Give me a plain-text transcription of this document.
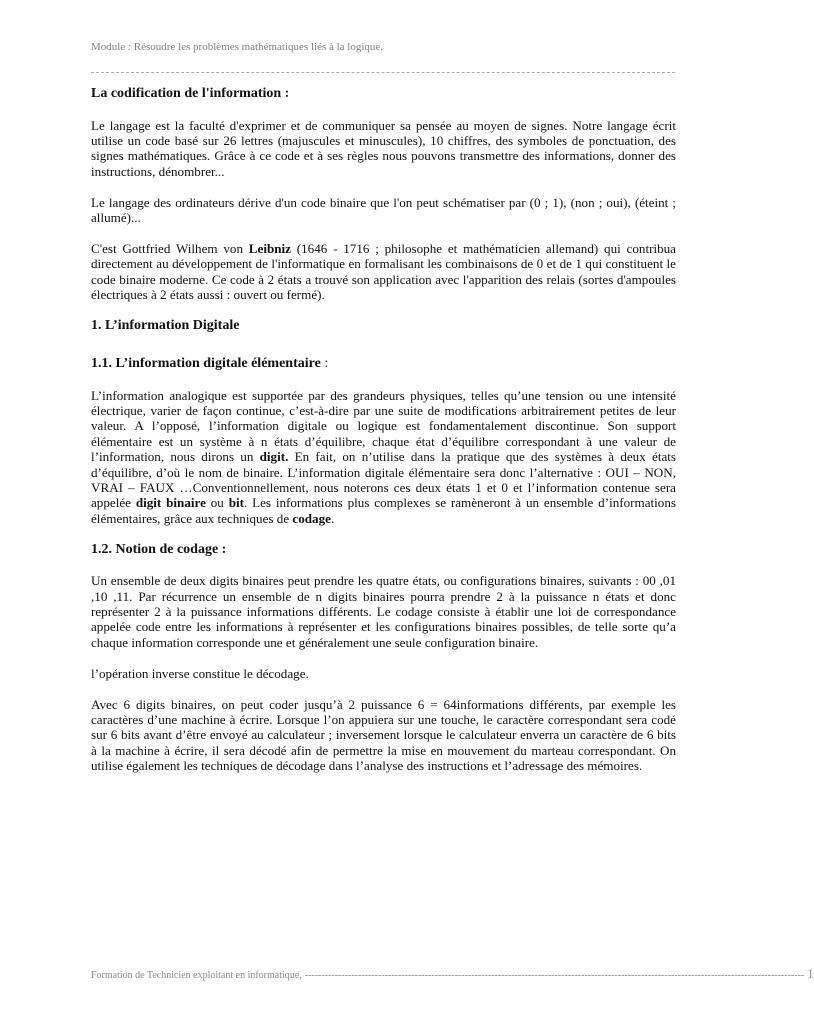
Module : Résoudre les problèmes mathématiques liés à la logique.
La codification de l'information :

Le langage est la faculté d'exprimer et de communiquer sa pensée au moyen de signes. Notre langage écrit utilise un code basé sur 26 lettres (majuscules et minuscules), 10 chiffres, des symboles de ponctuation, des signes mathématiques. Grâce à ce code et à ses règles nous pouvons transmettre des informations, donner des instructions, dénombrer...

Le langage des ordinateurs dérive d'un code binaire que l'on peut schématiser par (0 ; 1), (non ; oui), (éteint ; allumé)...

C'est Gottfried Wilhem von Leibniz (1646 - 1716 ; philosophe et mathématicien allemand) qui contribua directement au développement de l'informatique en formalisant les combinaisons de 0 et de 1 qui constituent le code binaire moderne. Ce code à 2 états a trouvé son application avec l'apparition des relais (sortes d'ampoules électriques à 2 états aussi : ouvert ou fermé).

1. L’information Digitale
1.1. L’information digitale élémentaire :

L’information analogique est supportée par des grandeurs physiques, telles qu’une tension ou une intensité électrique, varier de façon continue, c’est-à-dire par une suite de modifications arbitrairement petites de leur valeur. A l’opposé, l’information digitale ou logique est fondamentalement discontinue. Son support élémentaire est un système à n états d’équilibre, chaque état d’équilibre correspondant à une valeur de l’information, nous dirons un digit. En fait, on n’utilise dans la pratique que des systèmes à deux états d’équilibre, d’où le nom de binaire. L’information digitale élémentaire sera donc l’alternative : OUI – NON, VRAI – FAUX …Conventionnellement, nous noterons ces deux états 1 et 0 et l’information contenue sera appelée digit binaire ou bit. Les informations plus complexes se ramèneront à un ensemble d’informations élémentaires, grâce aux techniques de codage.

1.2. Notion de codage :

Un ensemble de deux digits binaires peut prendre les quatre états, ou configurations binaires, suivants : 00 ,01 ,10 ,11. Par récurrence un ensemble de n digits binaires pourra prendre 2 à la puissance n états et donc représenter 2 à la puissance informations différents. Le codage consiste à établir une loi de correspondance appelée code entre les informations à représenter et les configurations binaires possibles, de telle sorte qu’a chaque information corresponde une et généralement une seule configuration binaire.

l’opération inverse constitue le décodage.

Avec 6 digits binaires, on peut coder jusqu’à 2 puissance 6 = 64informations différents, par exemple les caractères d’une machine à écrire. Lorsque l’on appuiera sur une touche, le caractère correspondant sera codé sur 6 bits avant d’être envoyé au calculateur ; inversement lorsque le calculateur enverra un caractère de 6 bits à la machine à écrire, il sera décodé afin de permettre la mise en mouvement du marteau correspondant. On utilise également les techniques de décodage dans l’analyse des instructions et l’adressage des mémoires.

Formation de Technicien exploitant en informatique, ------------------------------------------------------------------------------------------------------------------------------------------------------ 1
